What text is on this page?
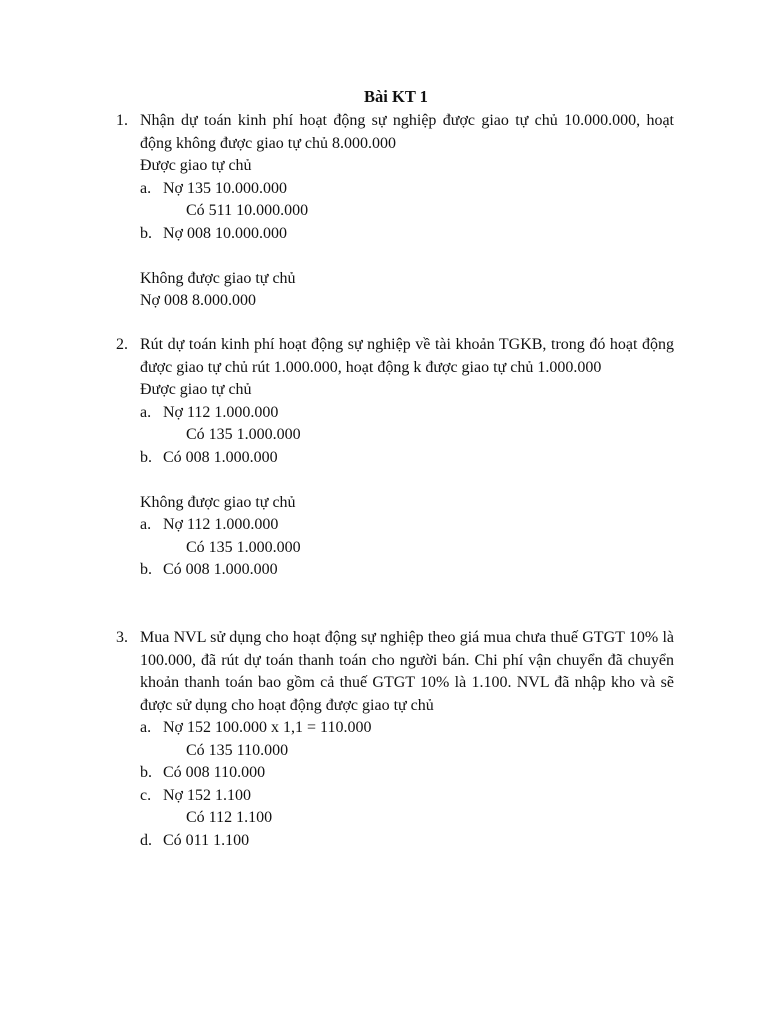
Bài KT 1
1. Nhận dự toán kinh phí hoạt động sự nghiệp được giao tự chủ 10.000.000, hoạt động không được giao tự chủ 8.000.000
Được giao tự chủ
a. Nợ 135 10.000.000
Có 511 10.000.000
b. Nợ 008 10.000.000
Không được giao tự chủ
Nợ 008 8.000.000
2. Rút dự toán kinh phí hoạt động sự nghiệp về tài khoản TGKB, trong đó hoạt động được giao tự chủ rút 1.000.000, hoạt động k được giao tự chủ 1.000.000
Được giao tự chủ
a. Nợ 112 1.000.000
Có 135 1.000.000
b. Có 008 1.000.000
Không được giao tự chủ
a. Nợ 112 1.000.000
Có 135 1.000.000
b. Có 008 1.000.000
3. Mua NVL sử dụng cho hoạt động sự nghiệp theo giá mua chưa thuế GTGT 10% là 100.000, đã rút dự toán thanh toán cho người bán. Chi phí vận chuyển đã chuyển khoản thanh toán bao gồm cả thuế GTGT 10% là 1.100. NVL đã nhập kho và sẽ được sử dụng cho hoạt động được giao tự chủ
a. Nợ 152 100.000 x 1,1 = 110.000
Có 135 110.000
b. Có 008 110.000
c. Nợ 152 1.100
Có 112 1.100
d. Có 011 1.100
